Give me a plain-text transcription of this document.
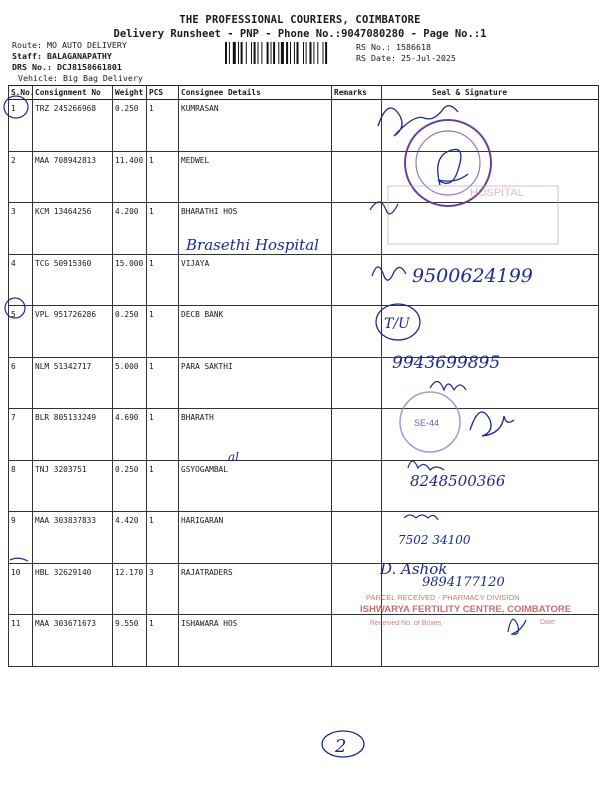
THE PROFESSIONAL COURIERS, COIMBATORE
Delivery Runsheet - PNP - Phone No.:9047080280 - Page No.:1
Route: MO AUTO DELIVERY
Staff: BALAGANAPATHY
DRS No.: DCJ8158661801
Vehicle: Big Bag Delivery
RS No.: 1586618
RS Date: 25-Jul-2025
S.No.	Consignment No	Weight	PCS	Consignee Details	Remarks	Seal & Signature
1	TRZ 245266968	0.250	1	KUMRASAN		
2	MAA 708942813	11.400	1	MEDWEL		
3	KCM 13464256	4.200	1	BHARATHI HOS		
4	TCG 50915360	15.000	1	VIJAYA		
5	VPL 951726286	0.250	1	DECB BANK		
6	NLM 51342717	5.000	1	PARA SAKTHI		
7	BLR 805133249	4.690	1	BHARATH		
8	TNJ 3203751	0.250	1	GSYOGAMBAL		
9	MAA 303837833	4.420	1	HARIGARAN		
10	HBL 32629140	12.170	3	RAJATRADERS		
11	MAA 303671673	9.550	1	ISHAWARA HOS		
HOSPITAL
Brasethi Hospital
9500624199
T/U
9943699895
SE-44
al
8248500366
7502 34100
D. Ashok
9894177120
PARCEL RECEIVED - PHARMACY DIVISION
ISHWARYA FERTILITY CENTRE, COIMBATORE
Received No. of Boxes	Date
2
